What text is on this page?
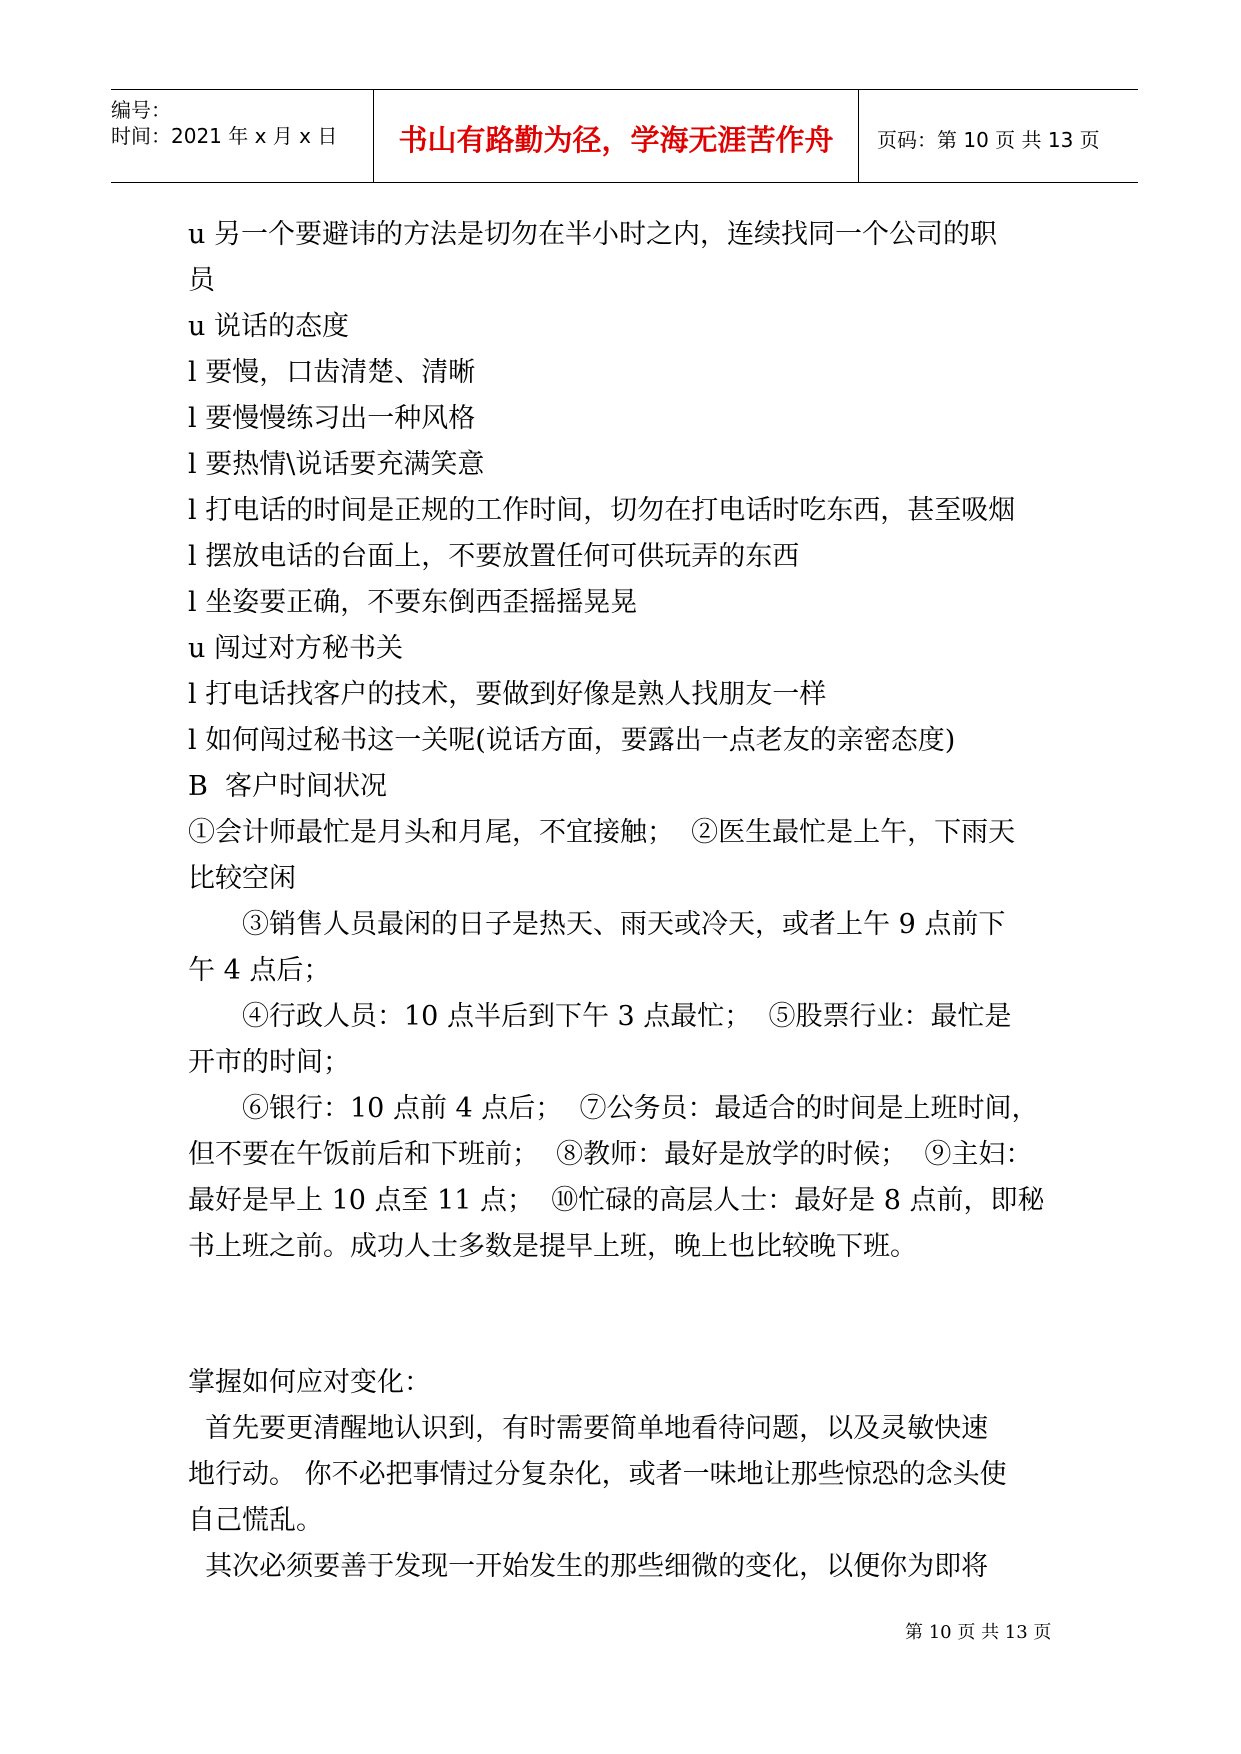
编号：
时间：2021 年 x 月 x 日	书山有路勤为径，学海无涯苦作舟	页码：第 10 页 共 13 页

u 另一个要避讳的方法是切勿在半小时之内，连续找同一个公司的职

员

u 说话的态度

l 要慢，口齿清楚、清晰

l 要慢慢练习出一种风格

l 要热情\说话要充满笑意

l 打电话的时间是正规的工作时间，切勿在打电话时吃东西，甚至吸烟

l 摆放电话的台面上，不要放置任何可供玩弄的东西

l 坐姿要正确，不要东倒西歪摇摇晃晃

u 闯过对方秘书关

l 打电话找客户的技术，要做到好像是熟人找朋友一样

l 如何闯过秘书这一关呢(说话方面，要露出一点老友的亲密态度)

B  客户时间状况

①会计师最忙是月头和月尾，不宜接触；  ②医生最忙是上午，下雨天

比较空闲

③销售人员最闲的日子是热天、雨天或冷天，或者上午 9 点前下

午 4 点后；

④行政人员：10 点半后到下午 3 点最忙；  ⑤股票行业：最忙是

开市的时间；

⑥银行：10 点前 4 点后；  ⑦公务员：最适合的时间是上班时间，

但不要在午饭前后和下班前；  ⑧教师：最好是放学的时候；  ⑨主妇：

最好是早上 10 点至 11 点；  ⑩忙碌的高层人士：最好是 8 点前，即秘

书上班之前。成功人士多数是提早上班，晚上也比较晚下班。

掌握如何应对变化：

首先要更清醒地认识到，有时需要简单地看待问题，以及灵敏快速

地行动。 你不必把事情过分复杂化，或者一味地让那些惊恐的念头使

自己慌乱。

其次必须要善于发现一开始发生的那些细微的变化，以便你为即将

第 10 页 共 13 页
